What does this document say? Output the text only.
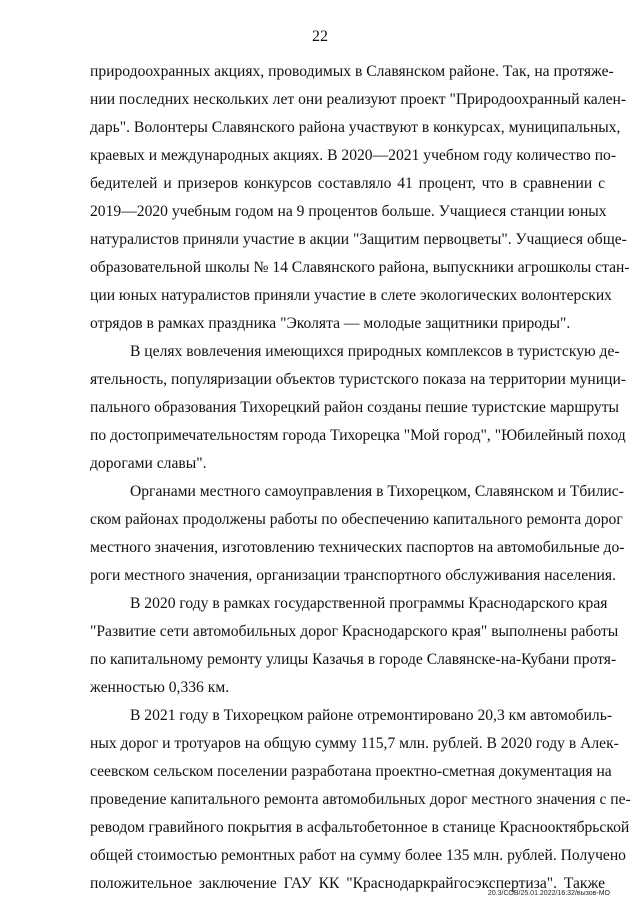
22
природоохранных акциях, проводимых в Славянском районе. Так, на протяже-
нии последних нескольких лет они реализуют проект "Природоохранный кален-
дарь". Волонтеры Славянского района участвуют в конкурсах, муниципальных,
краевых и международных акциях. В 2020—2021 учебном году количество по-
бедителей и призеров конкурсов составляло 41 процент, что в сравнении с
2019—2020 учебным годом на 9 процентов больше. Учащиеся станции юных
натуралистов приняли участие в акции "Защитим первоцветы". Учащиеся обще-
образовательной школы № 14 Славянского района, выпускники агрошколы стан-
ции юных натуралистов приняли участие в слете экологических волонтерских
отрядов в рамках праздника "Эколята — молодые защитники природы".
В целях вовлечения имеющихся природных комплексов в туристскую де-
ятельность, популяризации объектов туристского показа на территории муници-
пального образования Тихорецкий район созданы пешие туристские маршруты
по достопримечательностям города Тихорецка "Мой город", "Юбилейный поход
дорогами славы".
Органами местного самоуправления в Тихорецком, Славянском и Тбилис-
ском районах продолжены работы по обеспечению капитального ремонта дорог
местного значения, изготовлению технических паспортов на автомобильные до-
роги местного значения, организации транспортного обслуживания населения.
В 2020 году в рамках государственной программы Краснодарского края
"Развитие сети автомобильных дорог Краснодарского края" выполнены работы
по капитальному ремонту улицы Казачья в городе Славянске-на-Кубани протя-
женностью 0,336 км.
В 2021 году в Тихорецком районе отремонтировано 20,3 км автомобиль-
ных дорог и тротуаров на общую сумму 115,7 млн. рублей. В 2020 году в Алек-
сеевском сельском поселении разработана проектно-сметная документация на
проведение капитального ремонта автомобильных дорог местного значения с пе-
реводом гравийного покрытия в асфальтобетонное в станице Краснооктябрьской
общей стоимостью ремонтных работ на сумму более 135 млн. рублей. Получено
положительное заключение ГАУ КК "Краснодаркрайгосэкспертиза". Также
20.3/СОВ/25.01.2022/16:32/вызов-МО
